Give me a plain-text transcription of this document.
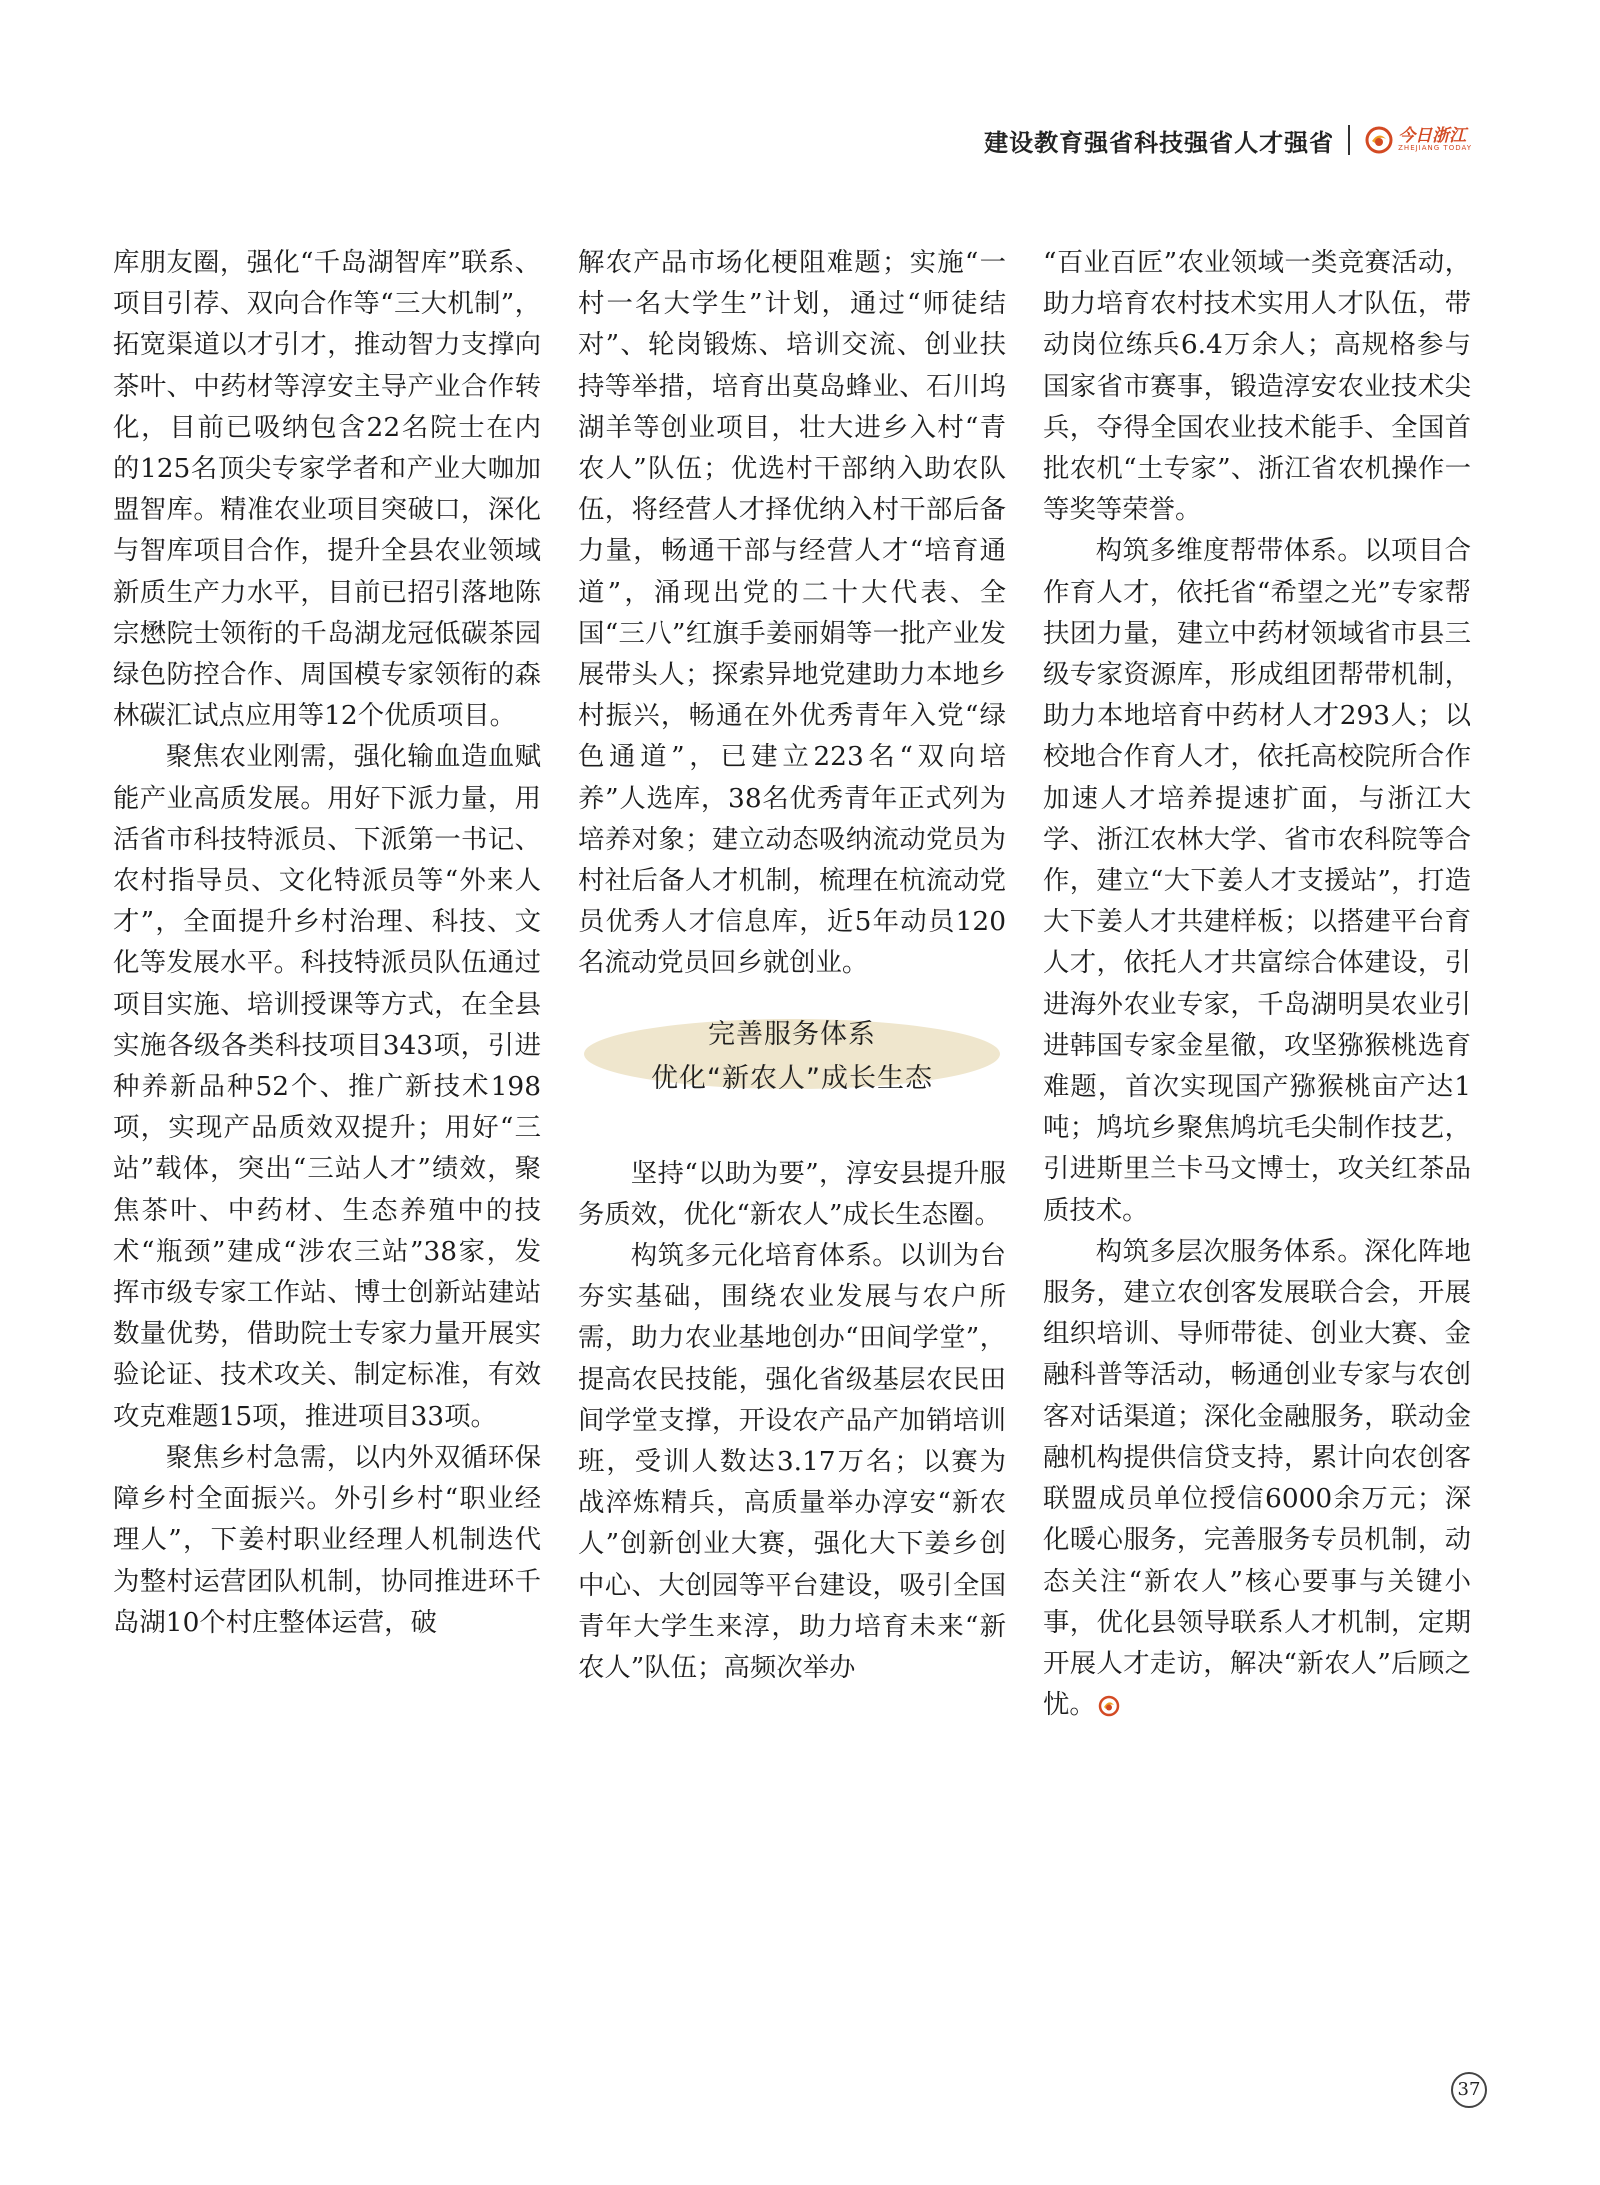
建设教育强省科技强省人才强省	今日浙江
ZHEJIANG TODAY

库朋友圈，强化“千岛湖智库”联系、项目引荐、双向合作等“三大机制”，拓宽渠道以才引才，推动智力支撑向茶叶、中药材等淳安主导产业合作转化，目前已吸纳包含22名院士在内的125名顶尖专家学者和产业大咖加盟智库。精准农业项目突破口，深化与智库项目合作，提升全县农业领域新质生产力水平，目前已招引落地陈宗懋院士领衔的千岛湖龙冠低碳茶园绿色防控合作、周国模专家领衔的森林碳汇试点应用等12个优质项目。

聚焦农业刚需，强化输血造血赋能产业高质发展。用好下派力量，用活省市科技特派员、下派第一书记、农村指导员、文化特派员等“外来人才”，全面提升乡村治理、科技、文化等发展水平。科技特派员队伍通过项目实施、培训授课等方式，在全县实施各级各类科技项目343项，引进种养新品种52个、推广新技术198项，实现产品质效双提升；用好“三站”载体，突出“三站人才”绩效，聚焦茶叶、中药材、生态养殖中的技术“瓶颈”建成“涉农三站”38家，发挥市级专家工作站、博士创新站建站数量优势，借助院士专家力量开展实验论证、技术攻关、制定标准，有效攻克难题15项，推进项目33项。

聚焦乡村急需，以内外双循环保障乡村全面振兴。外引乡村“职业经理人”，下姜村职业经理人机制迭代为整村运营团队机制，协同推进环千岛湖10个村庄整体运营，破

解农产品市场化梗阻难题；实施“一村一名大学生”计划，通过“师徒结对”、轮岗锻炼、培训交流、创业扶持等举措，培育出莫岛蜂业、石川坞湖羊等创业项目，壮大进乡入村“青农人”队伍；优选村干部纳入助农队伍，将经营人才择优纳入村干部后备力量，畅通干部与经营人才“培育通道”，涌现出党的二十大代表、全国“三八”红旗手姜丽娟等一批产业发展带头人；探索异地党建助力本地乡村振兴，畅通在外优秀青年入党“绿色通道”，已建立223名“双向培养”人选库，38名优秀青年正式列为培养对象；建立动态吸纳流动党员为村社后备人才机制，梳理在杭流动党员优秀人才信息库，近5年动员120名流动党员回乡就创业。

完善服务体系
优化“新农人”成长生态

坚持“以助为要”，淳安县提升服务质效，优化“新农人”成长生态圈。

构筑多元化培育体系。以训为台夯实基础，围绕农业发展与农户所需，助力农业基地创办“田间学堂”，提高农民技能，强化省级基层农民田间学堂支撑，开设农产品产加销培训班，受训人数达3.17万名；以赛为战淬炼精兵，高质量举办淳安“新农人”创新创业大赛，强化大下姜乡创中心、大创园等平台建设，吸引全国青年大学生来淳，助力培育未来“新农人”队伍；高频次举办

“百业百匠”农业领域一类竞赛活动，助力培育农村技术实用人才队伍，带动岗位练兵6.4万余人；高规格参与国家省市赛事，锻造淳安农业技术尖兵，夺得全国农业技术能手、全国首批农机“土专家”、浙江省农机操作一等奖等荣誉。

构筑多维度帮带体系。以项目合作育人才，依托省“希望之光”专家帮扶团力量，建立中药材领域省市县三级专家资源库，形成组团帮带机制，助力本地培育中药材人才293人；以校地合作育人才，依托高校院所合作加速人才培养提速扩面，与浙江大学、浙江农林大学、省市农科院等合作，建立“大下姜人才支援站”，打造大下姜人才共建样板；以搭建平台育人才，依托人才共富综合体建设，引进海外农业专家，千岛湖明昊农业引进韩国专家金星徹，攻坚猕猴桃选育难题，首次实现国产猕猴桃亩产达1吨；鸠坑乡聚焦鸠坑毛尖制作技艺，引进斯里兰卡马文博士，攻关红茶品质技术。

构筑多层次服务体系。深化阵地服务，建立农创客发展联合会，开展组织培训、导师带徒、创业大赛、金融科普等活动，畅通创业专家与农创客对话渠道；深化金融服务，联动金融机构提供信贷支持，累计向农创客联盟成员单位授信6000余万元；深化暖心服务，完善服务专员机制，动态关注“新农人”核心要事与关键小事，优化县领导联系人才机制，定期开展人才走访，解决“新农人”后顾之忧。

37
